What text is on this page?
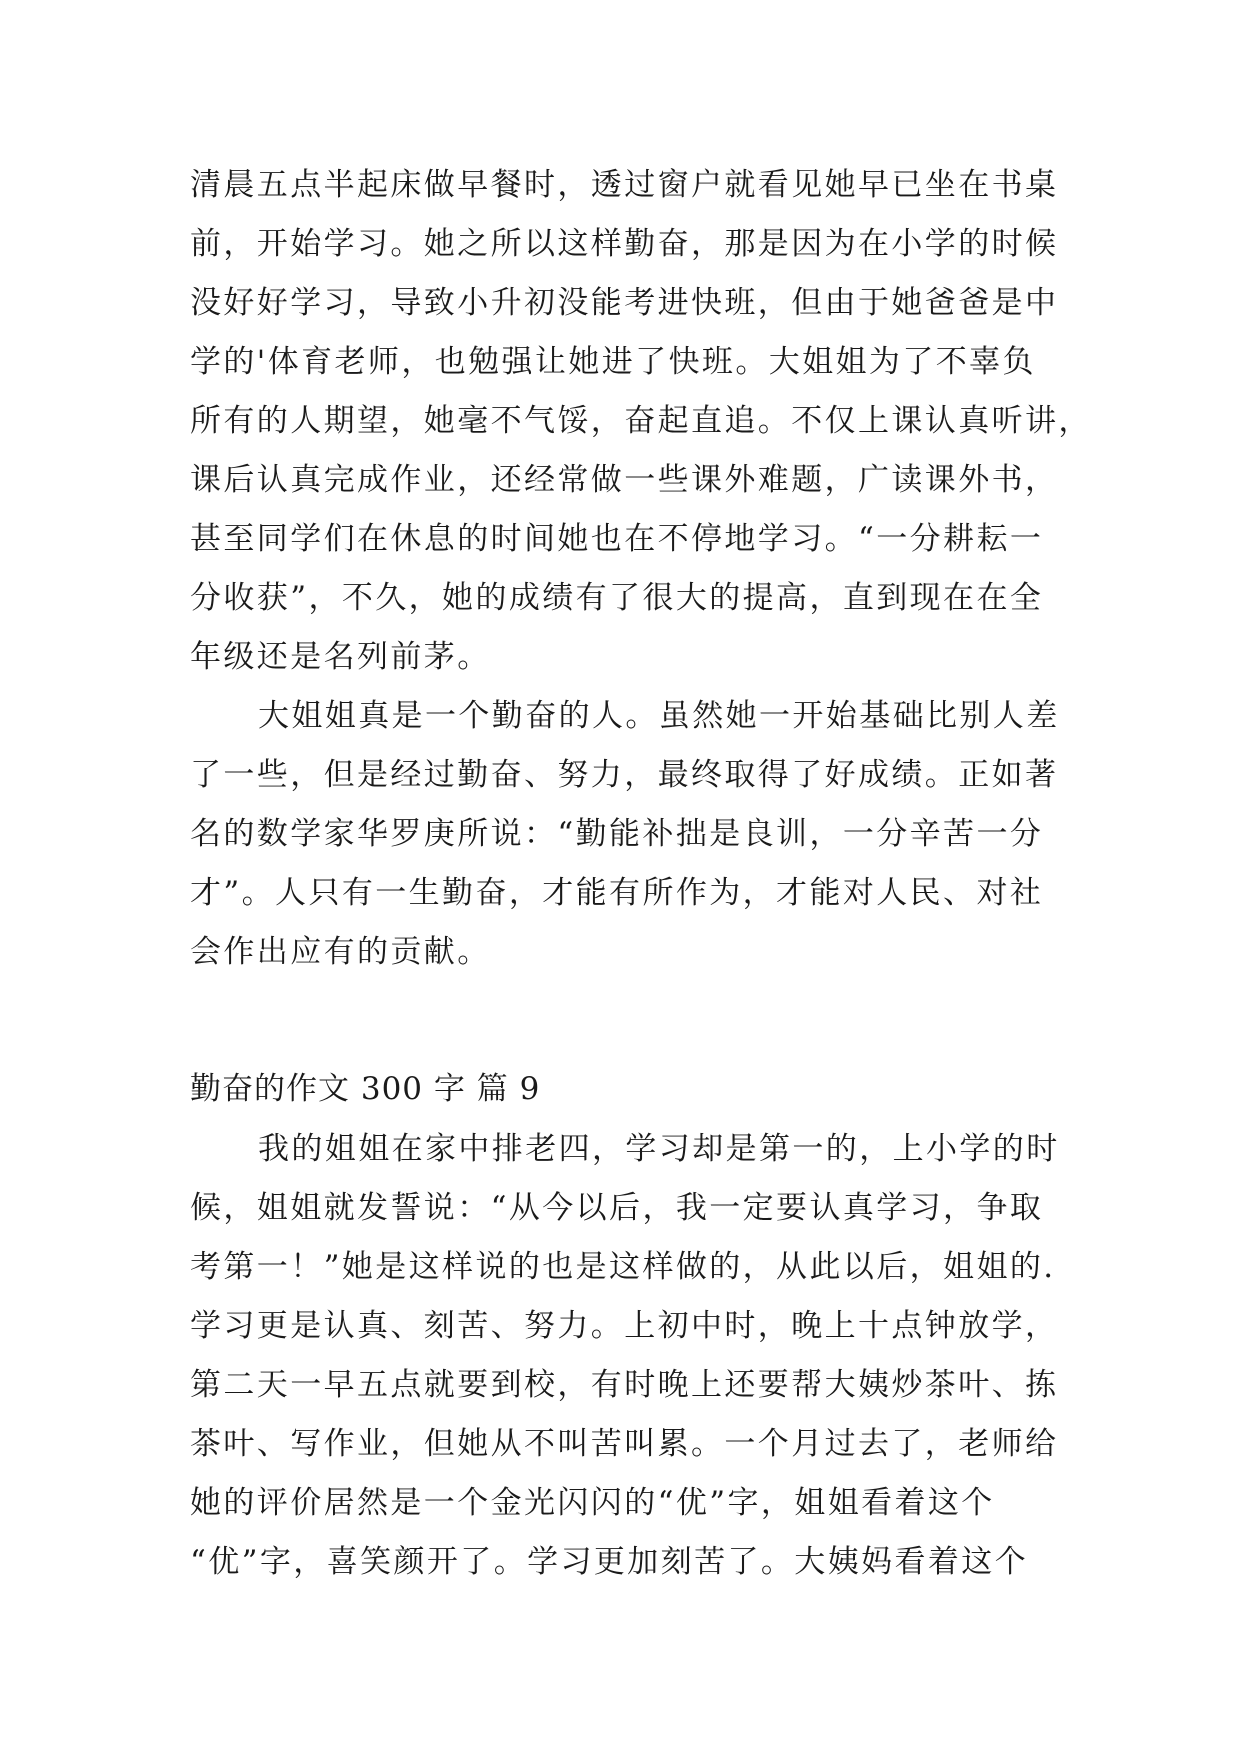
清晨五点半起床做早餐时，透过窗户就看见她早已坐在书桌
前，开始学习。她之所以这样勤奋，那是因为在小学的时候
没好好学习，导致小升初没能考进快班，但由于她爸爸是中
学的'体育老师，也勉强让她进了快班。大姐姐为了不辜负
所有的人期望，她毫不气馁，奋起直追。不仅上课认真听讲，
课后认真完成作业，还经常做一些课外难题，广读课外书，
甚至同学们在休息的时间她也在不停地学习。“一分耕耘一
分收获”，不久，她的成绩有了很大的提高，直到现在在全
年级还是名列前茅。
大姐姐真是一个勤奋的人。虽然她一开始基础比别人差
了一些，但是经过勤奋、努力，最终取得了好成绩。正如著
名的数学家华罗庚所说：“勤能补拙是良训，一分辛苦一分
才”。人只有一生勤奋，才能有所作为，才能对人民、对社
会作出应有的贡献。
勤奋的作文 300 字 篇 9
我的姐姐在家中排老四，学习却是第一的，上小学的时
候，姐姐就发誓说：“从今以后，我一定要认真学习，争取
考第一！”她是这样说的也是这样做的，从此以后，姐姐的.
学习更是认真、刻苦、努力。上初中时，晚上十点钟放学，
第二天一早五点就要到校，有时晚上还要帮大姨炒茶叶、拣
茶叶、写作业，但她从不叫苦叫累。一个月过去了，老师给
她的评价居然是一个金光闪闪的“优”字，姐姐看着这个
“优”字，喜笑颜开了。学习更加刻苦了。大姨妈看着这个
